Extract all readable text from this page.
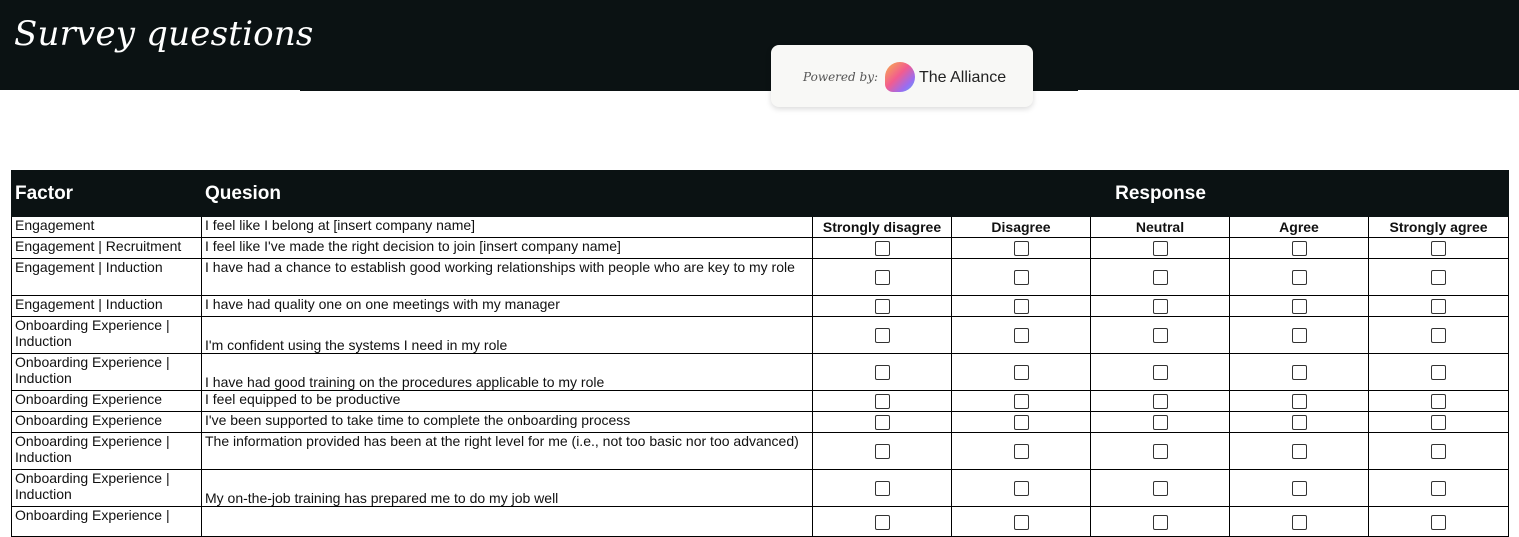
Survey questions
Powered by:	The Alliance
Factor	Quesion	Response				
Engagement	I feel like I belong at [insert company name]	Strongly disagree	Disagree	Neutral	Agree	Strongly agree
Engagement | Recruitment	I feel like I've made the right decision to join [insert company name]					
Engagement | Induction	I have had a chance to establish good working relationships with people who are key to my role					
Engagement | Induction	I have had quality one on one meetings with my manager					
Onboarding Experience | Induction	I'm confident using the systems I need in my role					
Onboarding Experience | Induction	I have had good training on the procedures applicable to my role					
Onboarding Experience	I feel equipped to be productive					
Onboarding Experience	I've been supported to take time to complete the onboarding process					
Onboarding Experience | Induction	The information provided has been at the right level for me (i.e., not too basic nor too advanced)					
Onboarding Experience | Induction	My on-the-job training has prepared me to do my job well					
Onboarding Experience |						
